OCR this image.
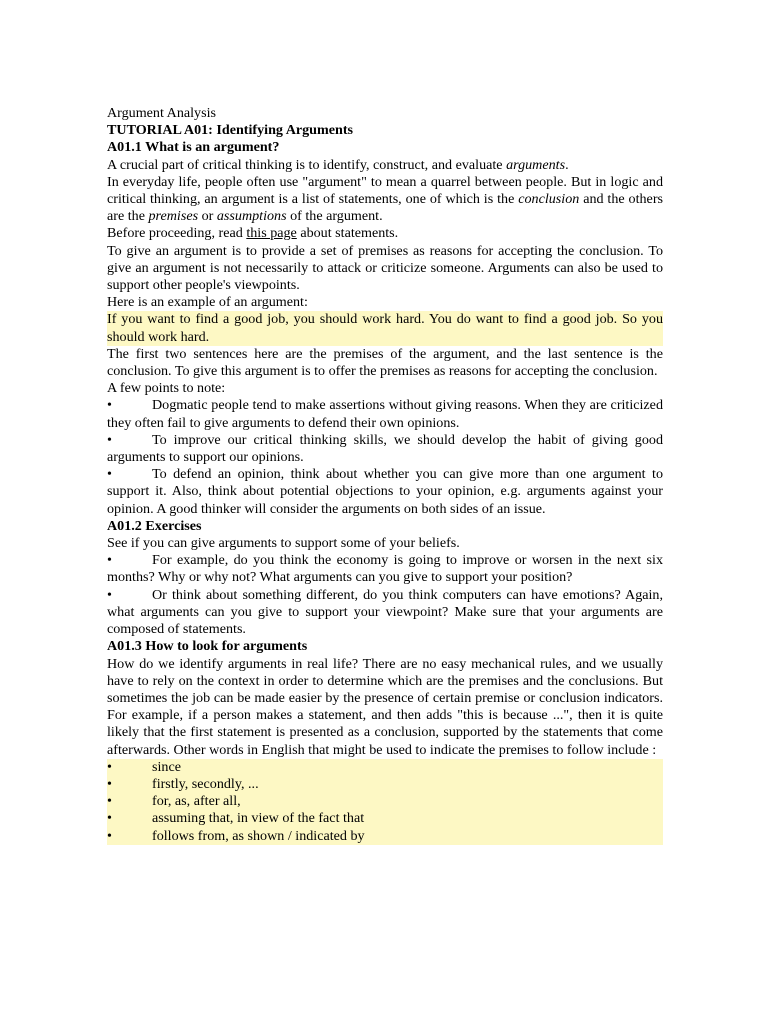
Argument Analysis

TUTORIAL A01: Identifying Arguments

A01.1 What is an argument?

A crucial part of critical thinking is to identify, construct, and evaluate arguments.

In everyday life, people often use "argument" to mean a quarrel between people. But in logic and critical thinking, an argument is a list of statements, one of which is the conclusion and the others are the premises or assumptions of the argument.

Before proceeding, read this page about statements.

To give an argument is to provide a set of premises as reasons for accepting the conclusion. To give an argument is not necessarily to attack or criticize someone. Arguments can also be used to support other people's viewpoints.

Here is an example of an argument:

If you want to find a good job, you should work hard. You do want to find a good job. So you should work hard.

The first two sentences here are the premises of the argument, and the last sentence is the conclusion. To give this argument is to offer the premises as reasons for accepting the conclusion.

A few points to note:

•	Dogmatic people tend to make assertions without giving reasons. When they are criticized they often fail to give arguments to defend their own opinions.

•	To improve our critical thinking skills, we should develop the habit of giving good arguments to support our opinions.

•	To defend an opinion, think about whether you can give more than one argument to support it. Also, think about potential objections to your opinion, e.g. arguments against your opinion. A good thinker will consider the arguments on both sides of an issue.

A01.2 Exercises

See if you can give arguments to support some of your beliefs.

•	For example, do you think the economy is going to improve or worsen in the next six months? Why or why not? What arguments can you give to support your position?

•	Or think about something different, do you think computers can have emotions? Again, what arguments can you give to support your viewpoint? Make sure that your arguments are composed of statements.

A01.3 How to look for arguments

How do we identify arguments in real life? There are no easy mechanical rules, and we usually have to rely on the context in order to determine which are the premises and the conclusions. But sometimes the job can be made easier by the presence of certain premise or conclusion indicators. For example, if a person makes a statement, and then adds "this is because ...", then it is quite likely that the first statement is presented as a conclusion, supported by the statements that come afterwards. Other words in English that might be used to indicate the premises to follow include :

•	since
•	firstly, secondly, ...
•	for, as, after all,
•	assuming that, in view of the fact that
•	follows from, as shown / indicated by
